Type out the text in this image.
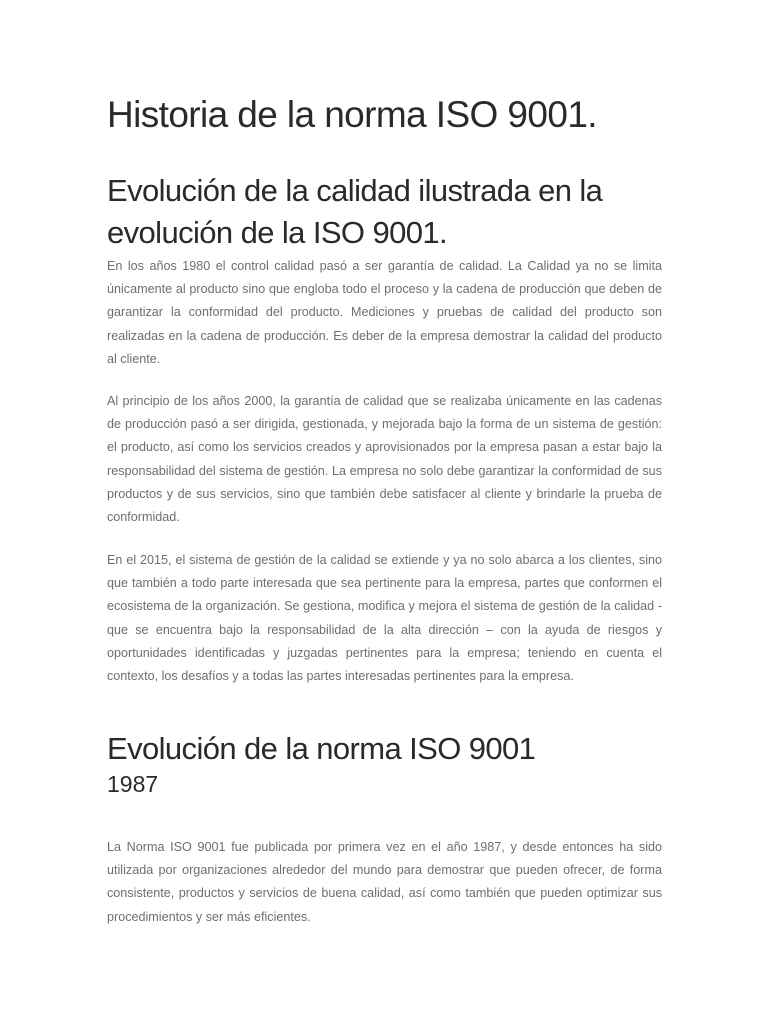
Historia de la norma ISO 9001.
Evolución de la calidad ilustrada en la evolución de la ISO 9001.

En los años 1980 el control calidad pasó a ser garantía de calidad. La Calidad ya no se limita únicamente al producto sino que engloba todo el proceso y la cadena de producción que deben de garantizar la conformidad del producto. Mediciones y pruebas de calidad del producto son realizadas en la cadena de producción. Es deber de la empresa demostrar la calidad del producto al cliente.

Al principio de los años 2000, la garantía de calidad que se realizaba únicamente en las cadenas de producción pasó a ser dirigida, gestionada, y mejorada bajo la forma de un sistema de gestión: el producto, así como los servicios creados y aprovisionados por la empresa pasan a estar bajo la responsabilidad del sistema de gestión. La empresa no solo debe garantizar la conformidad de sus productos y de sus servicios, sino que también debe satisfacer al cliente y brindarle la prueba de conformidad.

En el 2015, el sistema de gestión de la calidad se extiende y ya no solo abarca a los clientes, sino que también a todo parte interesada que sea pertinente para la empresa, partes que conformen el ecosistema de la organización. Se gestiona, modifica y mejora el sistema de gestión de la calidad - que se encuentra bajo la responsabilidad de la alta dirección – con la ayuda de riesgos y oportunidades identificadas y juzgadas pertinentes para la empresa; teniendo en cuenta el contexto, los desafíos y a todas las partes interesadas pertinentes para la empresa.

Evolución de la norma ISO 9001
1987

La Norma ISO 9001 fue publicada por primera vez en el año 1987, y desde entonces ha sido utilizada por organizaciones alrededor del mundo para demostrar que pueden ofrecer, de forma consistente, productos y servicios de buena calidad, así como también que pueden optimizar sus procedimientos y ser más eficientes.
